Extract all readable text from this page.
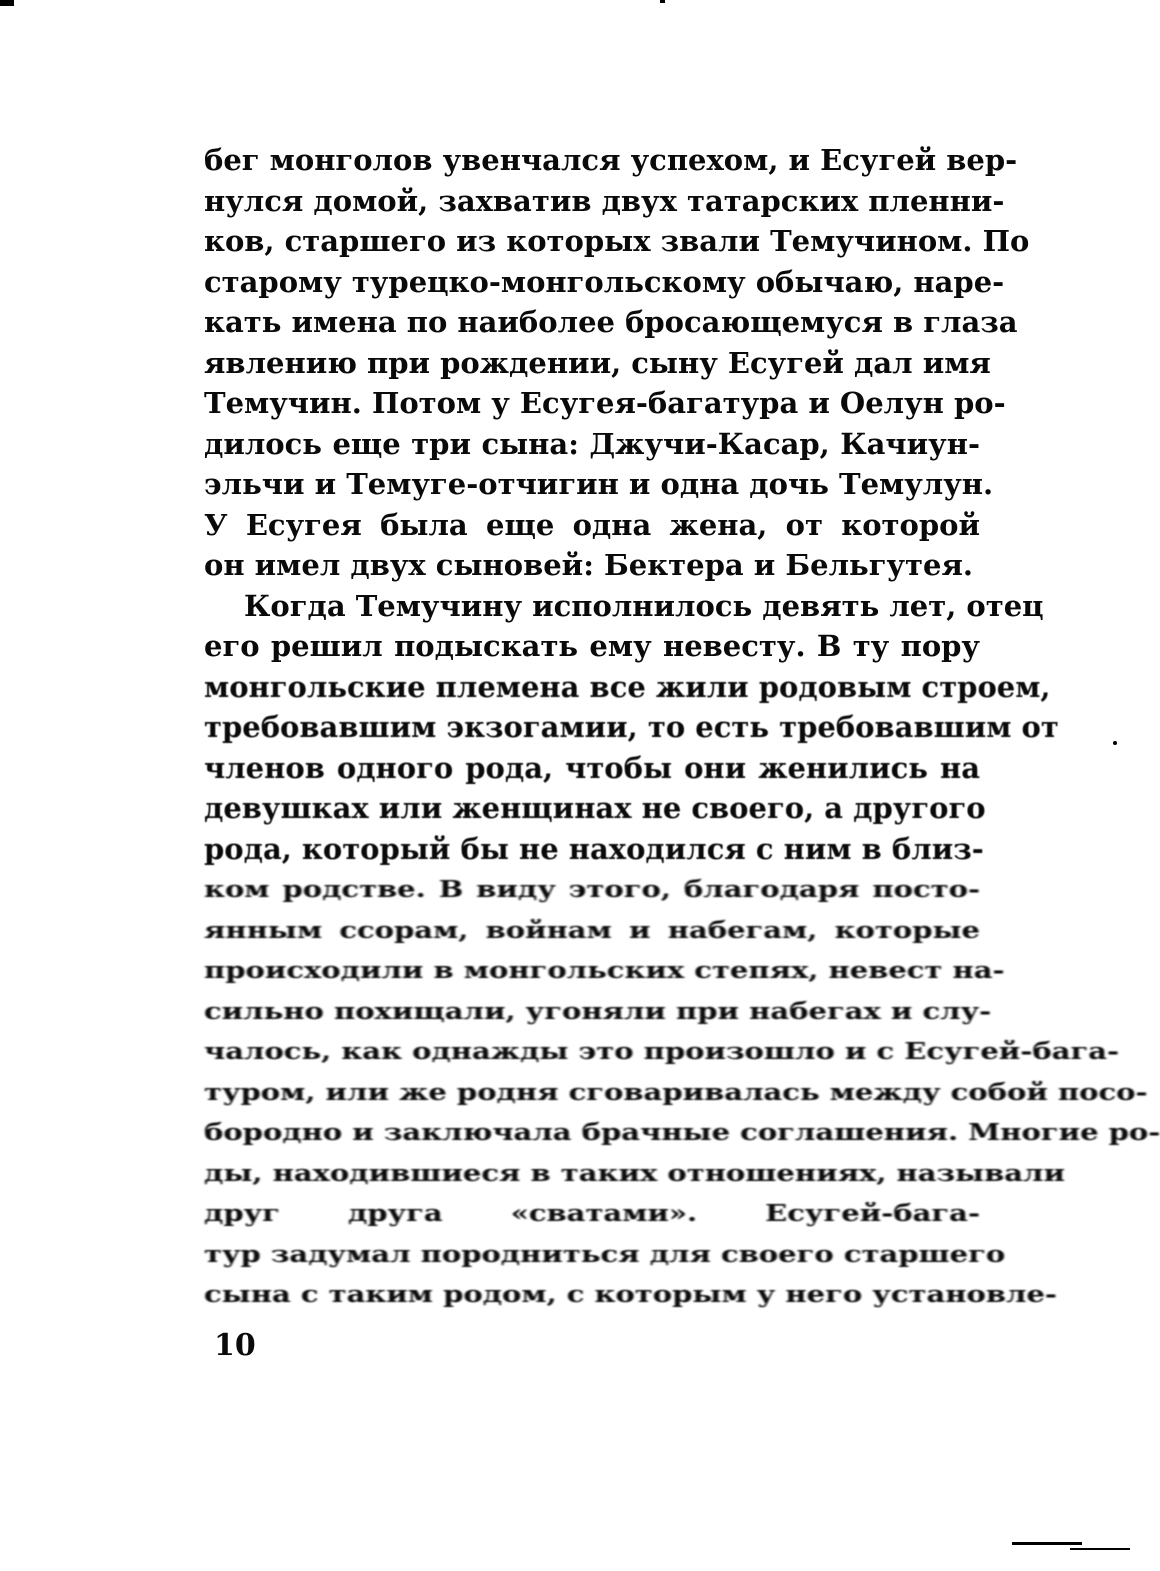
бег монголов увенчался успехом, и Есугей вер-
нулся домой, захватив двух татарских пленни-
ков, старшего из которых звали Темучином. По
старому турецко-монгольскому обычаю, наре-
кать имена по наиболее бросающемуся в глаза
явлению при рождении, сыну Есугей дал имя
Темучин. Потом у Есугея-багатура и Оелун ро-
дилось еще три сына: Джучи-Касар, Качиун-
эльчи и Темуге-отчигин и одна дочь Темулун.
У Есугея была еще одна жена, от которой
он имел двух сыновей: Бектера и Бельгутея.
Когда Темучину исполнилось девять лет, отец
его решил подыскать ему невесту. В ту пору
монгольские племена все жили родовым строем,
требовавшим экзогамии, то есть требовавшим от
членов одного рода, чтобы они женились на
девушках или женщинах не своего, а другого
рода, который бы не находился с ним в близ-
ком родстве. В виду этого, благодаря посто-
янным ссорам, войнам и набегам, которые
происходили в монгольских степях, невест на-
сильно похищали, угоняли при набегах и слу-
чалось, как однажды это произошло и с Есугей-бага-
туром, или же родня сговаривалась между собой посо-
бородно и заключала брачные соглашения. Многие ро-
ды, находившиеся в таких отношениях, называли
друг друга «сватами». Есугей-бага-
тур задумал породниться для своего старшего
сына с таким родом, с которым у него установле-
10
